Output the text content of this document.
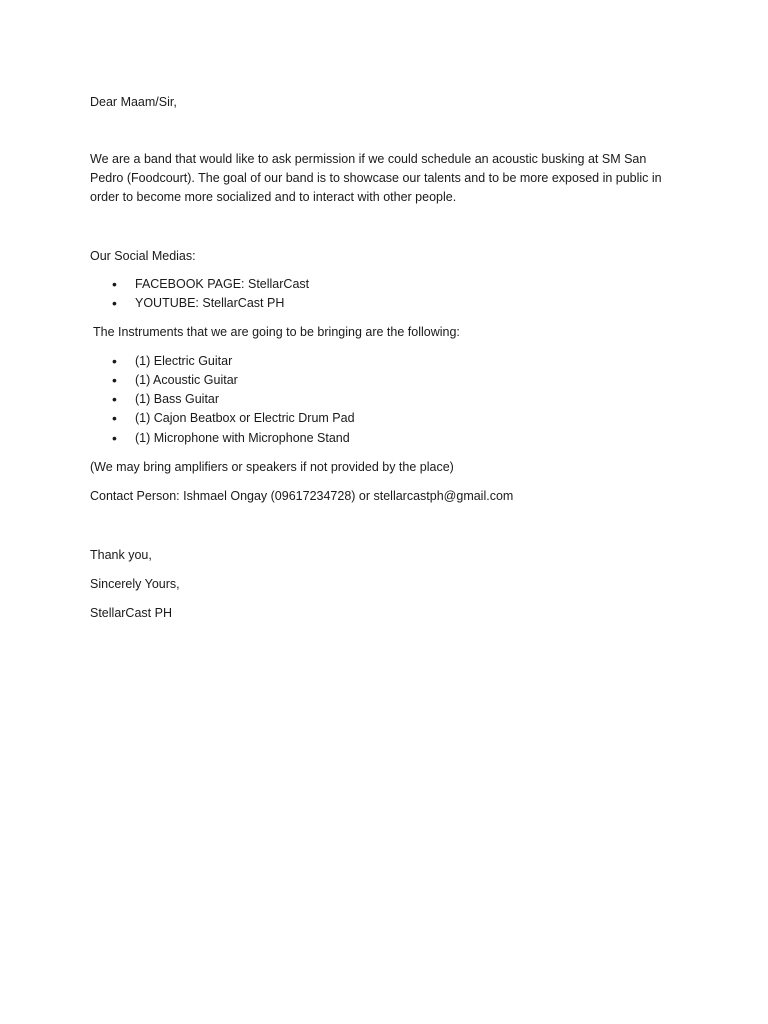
Dear Maam/Sir,

We are a band that would like to ask permission if we could schedule an acoustic busking at SM San

Pedro (Foodcourt). The goal of our band is to showcase our talents and to be more exposed in public in

order to become more socialized and to interact with other people.

Our Social Medias:

• FACEBOOK PAGE: StellarCast
• YOUTUBE: StellarCast PH

The Instruments that we are going to be bringing are the following:

• (1) Electric Guitar
• (1) Acoustic Guitar
• (1) Bass Guitar
• (1) Cajon Beatbox or Electric Drum Pad
• (1) Microphone with Microphone Stand

(We may bring amplifiers or speakers if not provided by the place)

Contact Person: Ishmael Ongay (09617234728) or stellarcastph@gmail.com

Thank you,

Sincerely Yours,

StellarCast PH
